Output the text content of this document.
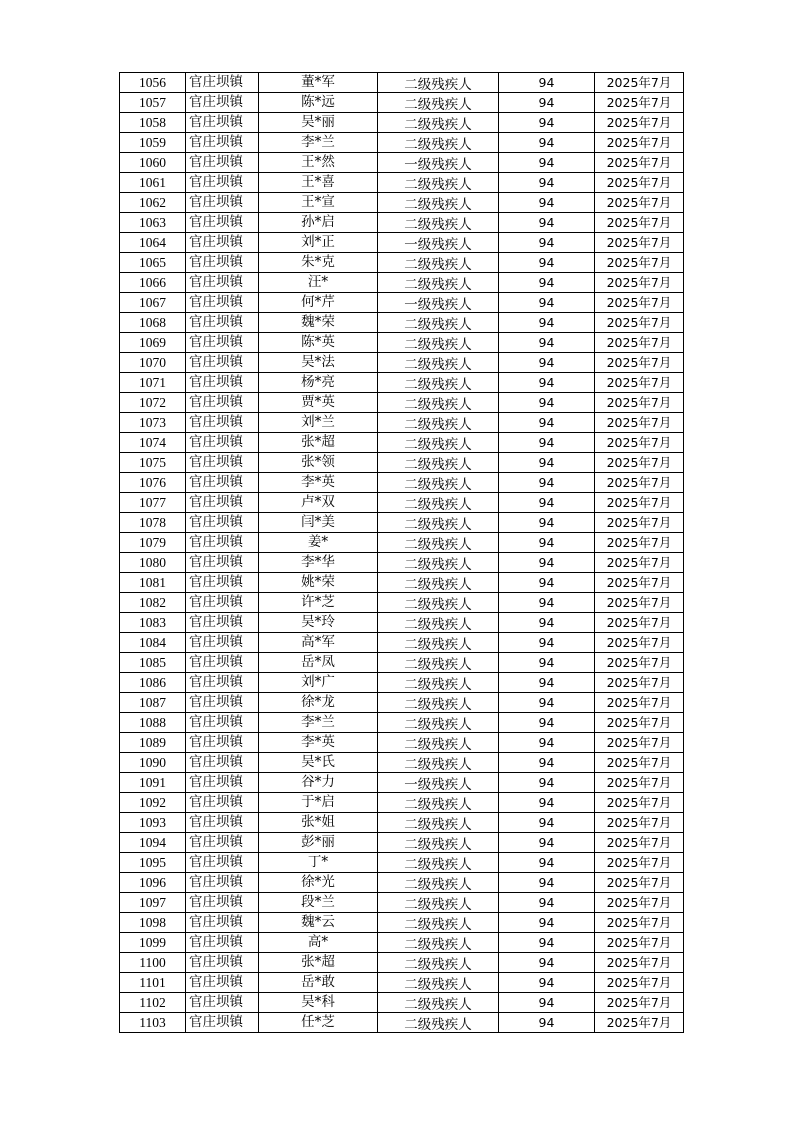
1056	官庄坝镇	董*军	二级残疾人	94	2025年7月
1057	官庄坝镇	陈*远	二级残疾人	94	2025年7月
1058	官庄坝镇	吴*丽	二级残疾人	94	2025年7月
1059	官庄坝镇	李*兰	二级残疾人	94	2025年7月
1060	官庄坝镇	王*然	一级残疾人	94	2025年7月
1061	官庄坝镇	王*喜	二级残疾人	94	2025年7月
1062	官庄坝镇	王*宣	二级残疾人	94	2025年7月
1063	官庄坝镇	孙*启	二级残疾人	94	2025年7月
1064	官庄坝镇	刘*正	一级残疾人	94	2025年7月
1065	官庄坝镇	朱*克	二级残疾人	94	2025年7月
1066	官庄坝镇	汪*	二级残疾人	94	2025年7月
1067	官庄坝镇	何*芹	一级残疾人	94	2025年7月
1068	官庄坝镇	魏*荣	二级残疾人	94	2025年7月
1069	官庄坝镇	陈*英	二级残疾人	94	2025年7月
1070	官庄坝镇	吴*法	二级残疾人	94	2025年7月
1071	官庄坝镇	杨*亮	二级残疾人	94	2025年7月
1072	官庄坝镇	贾*英	二级残疾人	94	2025年7月
1073	官庄坝镇	刘*兰	二级残疾人	94	2025年7月
1074	官庄坝镇	张*超	二级残疾人	94	2025年7月
1075	官庄坝镇	张*领	二级残疾人	94	2025年7月
1076	官庄坝镇	李*英	二级残疾人	94	2025年7月
1077	官庄坝镇	卢*双	二级残疾人	94	2025年7月
1078	官庄坝镇	闫*美	二级残疾人	94	2025年7月
1079	官庄坝镇	姜*	二级残疾人	94	2025年7月
1080	官庄坝镇	李*华	二级残疾人	94	2025年7月
1081	官庄坝镇	姚*荣	二级残疾人	94	2025年7月
1082	官庄坝镇	许*芝	二级残疾人	94	2025年7月
1083	官庄坝镇	吴*玲	二级残疾人	94	2025年7月
1084	官庄坝镇	高*军	二级残疾人	94	2025年7月
1085	官庄坝镇	岳*凤	二级残疾人	94	2025年7月
1086	官庄坝镇	刘*广	二级残疾人	94	2025年7月
1087	官庄坝镇	徐*龙	二级残疾人	94	2025年7月
1088	官庄坝镇	李*兰	二级残疾人	94	2025年7月
1089	官庄坝镇	李*英	二级残疾人	94	2025年7月
1090	官庄坝镇	吴*氏	二级残疾人	94	2025年7月
1091	官庄坝镇	谷*力	一级残疾人	94	2025年7月
1092	官庄坝镇	于*启	二级残疾人	94	2025年7月
1093	官庄坝镇	张*姐	二级残疾人	94	2025年7月
1094	官庄坝镇	彭*丽	二级残疾人	94	2025年7月
1095	官庄坝镇	丁*	二级残疾人	94	2025年7月
1096	官庄坝镇	徐*光	二级残疾人	94	2025年7月
1097	官庄坝镇	段*兰	二级残疾人	94	2025年7月
1098	官庄坝镇	魏*云	二级残疾人	94	2025年7月
1099	官庄坝镇	高*	二级残疾人	94	2025年7月
1100	官庄坝镇	张*超	二级残疾人	94	2025年7月
1101	官庄坝镇	岳*敢	二级残疾人	94	2025年7月
1102	官庄坝镇	吴*科	二级残疾人	94	2025年7月
1103	官庄坝镇	任*芝	二级残疾人	94	2025年7月
